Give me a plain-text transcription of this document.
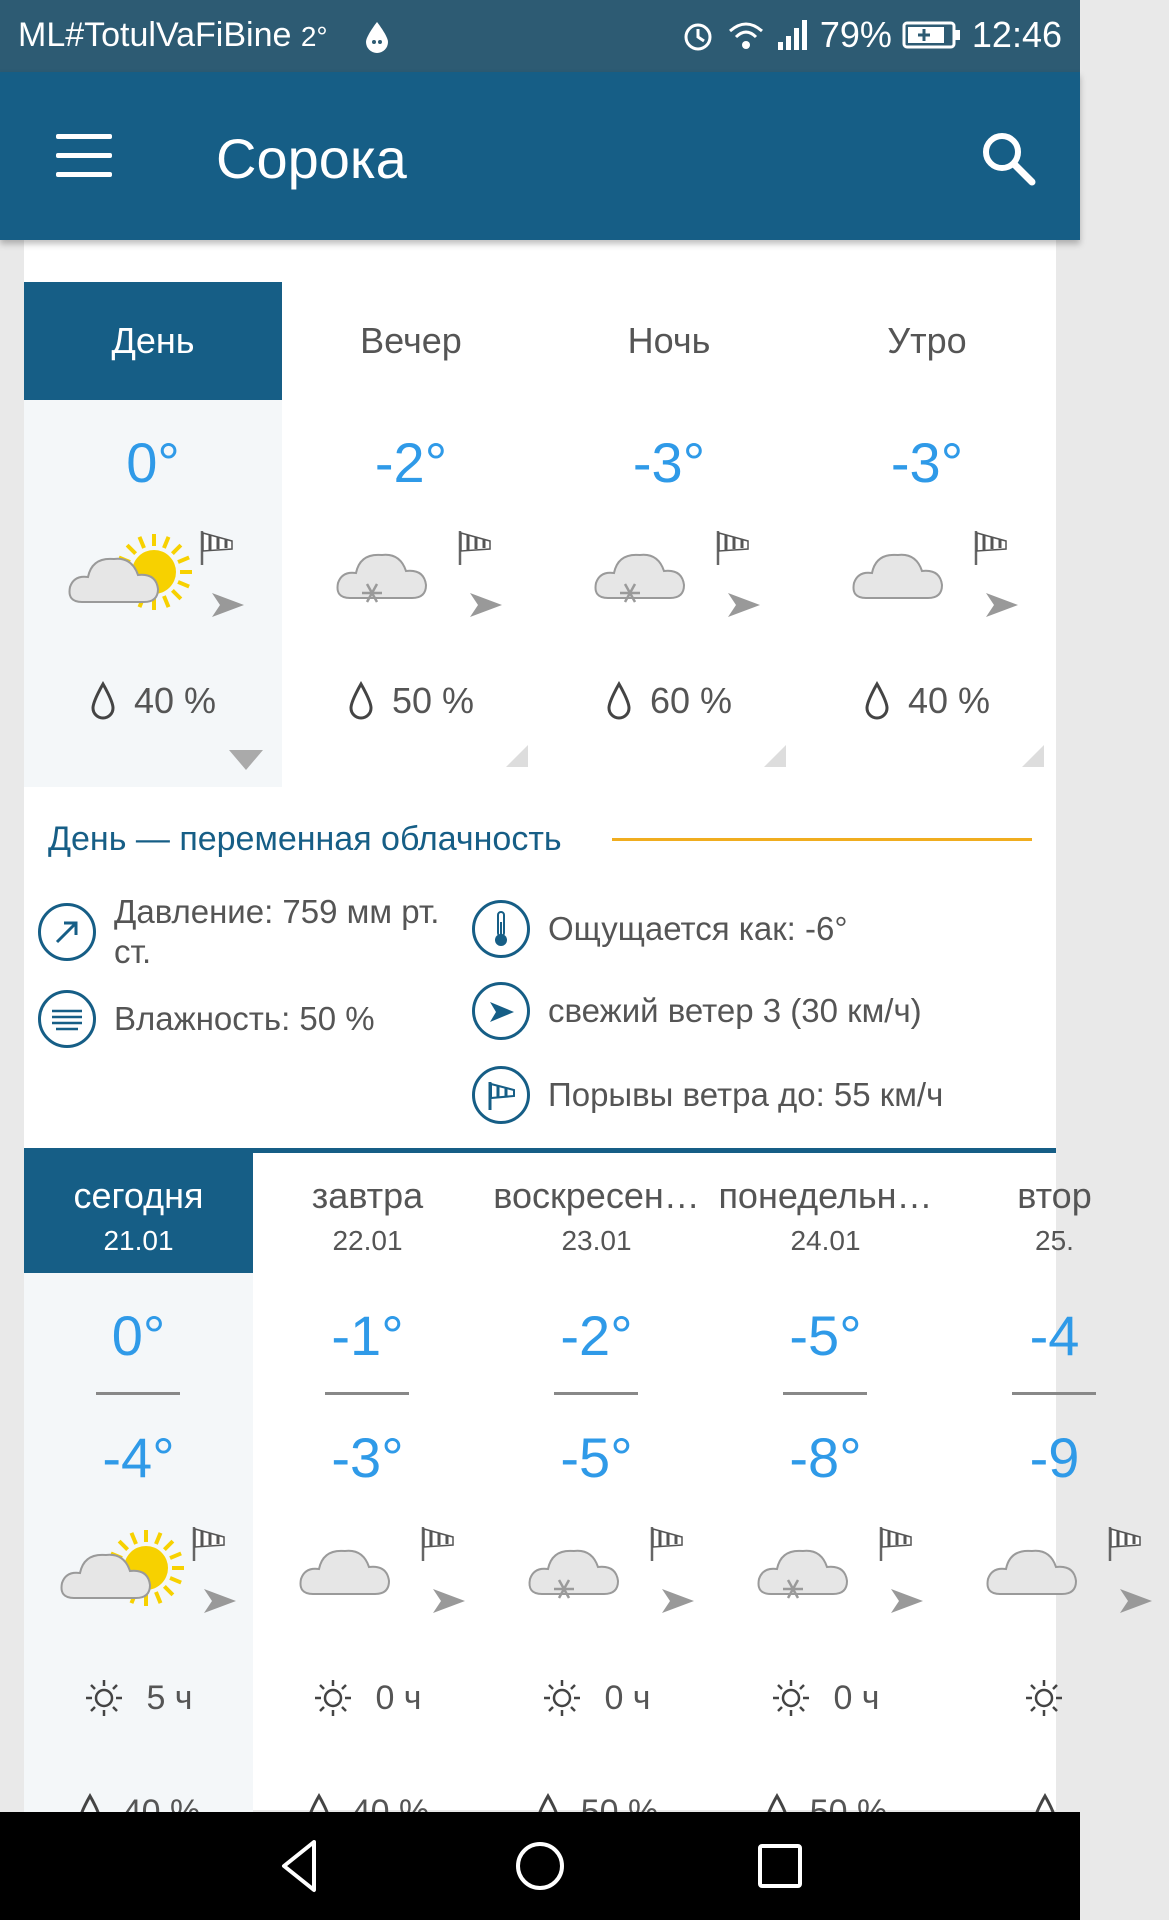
ML#TotulVaFiBine 2°	79% 12:46
Сорока
День
0°
40 %
Вечер
-2°
50 %
Ночь
-3°
60 %
Утро
-3°
40 %
День — переменная облачность
Давление: 759 мм рт. ст.
Влажность: 50 %
Ощущается как: -6°
свежий ветер 3 (30 км/ч)
Порывы ветра до: 55 км/ч
сегодня
21.01
0°
-4°
5 ч
завтра
22.01
-1°
-3°
0 ч
воскресен…
23.01
-2°
-5°
0 ч
понедельн…
24.01
-5°
-8°
0 ч
втор
25.
-4
-9
